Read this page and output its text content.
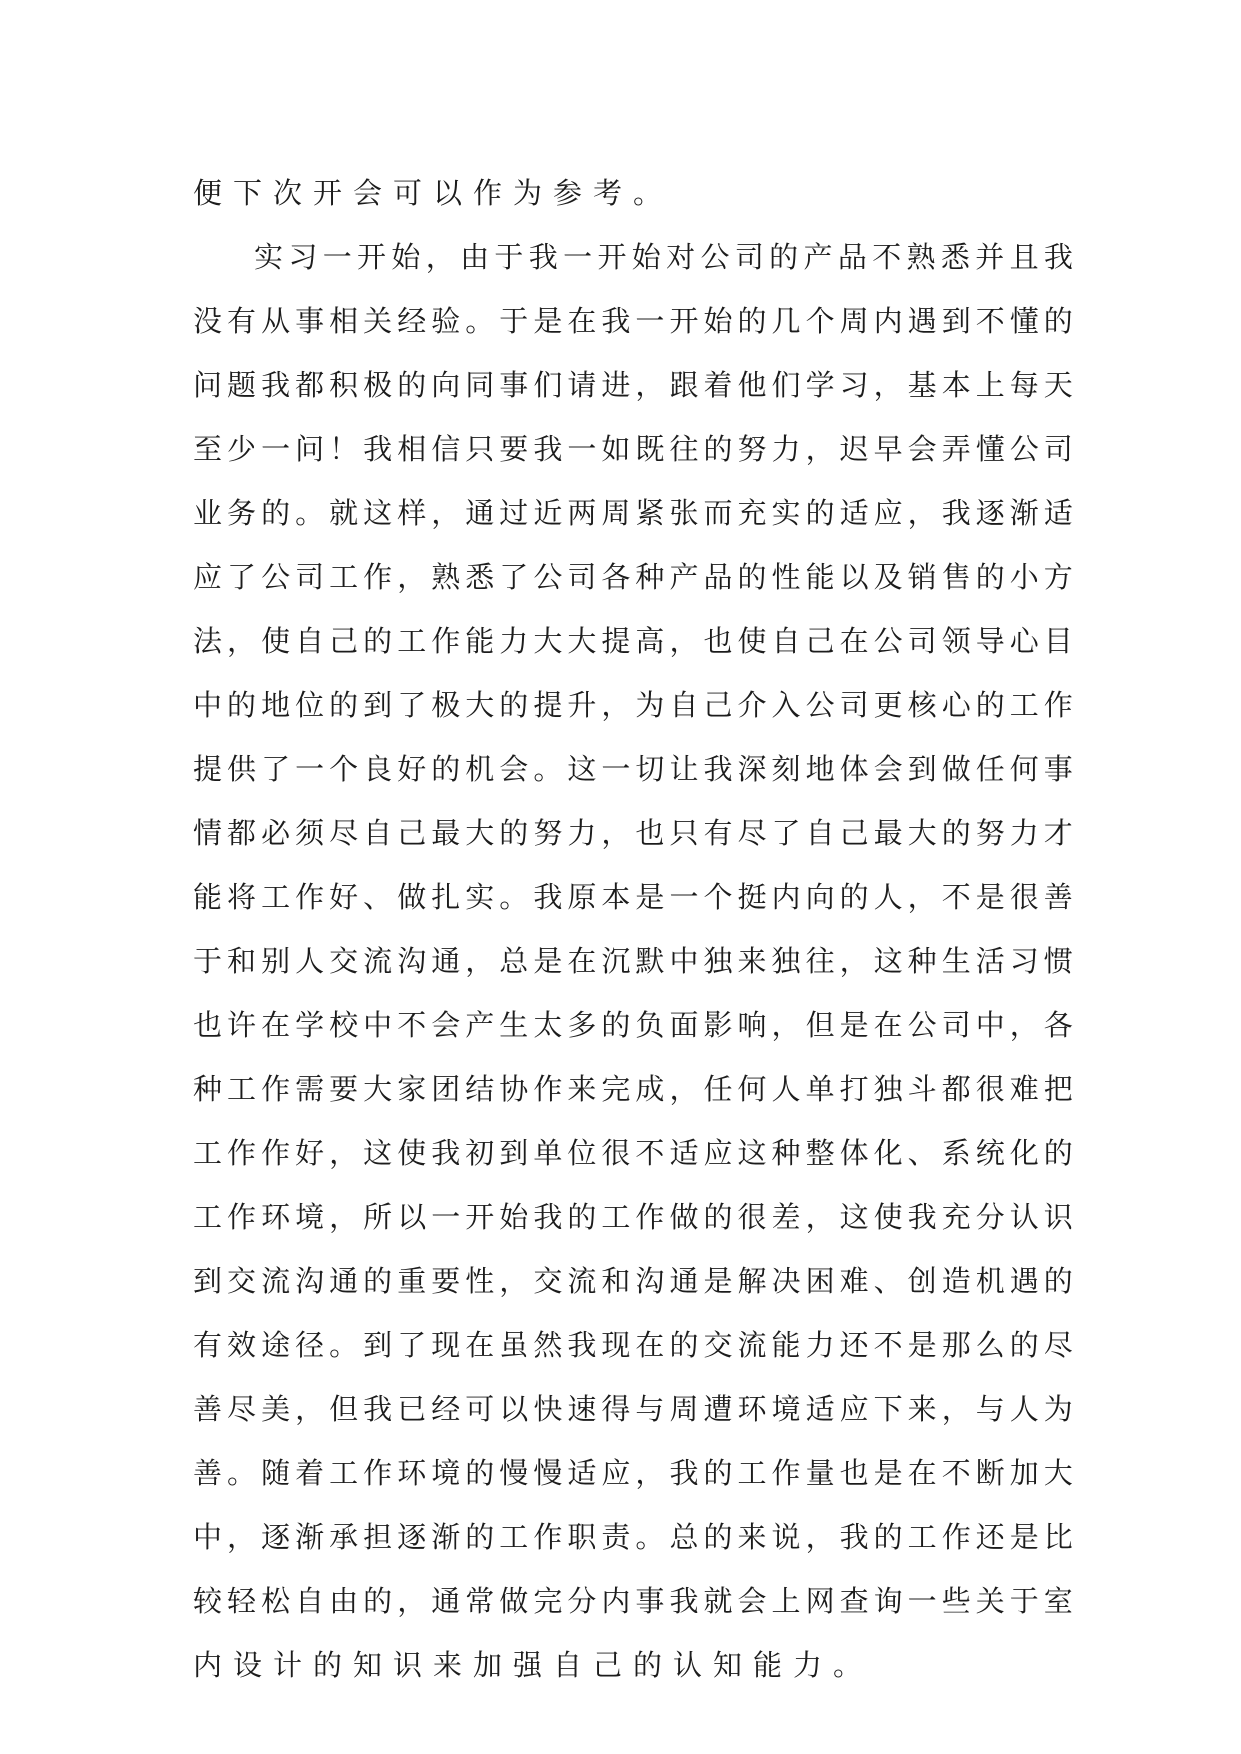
便下次开会可以作为参考。
实 习 一 开 始 ， 由 于 我 一 开 始 对 公 司 的 产 品 不 熟 悉 并 且 我
没 有 从 事 相 关 经 验 。 于 是 在 我 一 开 始 的 几 个 周 内 遇 到 不 懂 的
问 题 我 都 积 极 的 向 同 事 们 请 进 ， 跟 着 他 们 学 习 ， 基 本 上 每 天
至 少 一 问 ！ 我 相 信 只 要 我 一 如 既 往 的 努 力 ， 迟 早 会 弄 懂 公 司
业 务 的 。 就 这 样 ， 通 过 近 两 周 紧 张 而 充 实 的 适 应 ， 我 逐 渐 适
应 了 公 司 工 作 ， 熟 悉 了 公 司 各 种 产 品 的 性 能 以 及 销 售 的 小 方
法 ， 使 自 己 的 工 作 能 力 大 大 提 高 ， 也 使 自 己 在 公 司 领 导 心 目
中 的 地 位 的 到 了 极 大 的 提 升 ， 为 自 己 介 入 公 司 更 核 心 的 工 作
提 供 了 一 个 良 好 的 机 会 。 这 一 切 让 我 深 刻 地 体 会 到 做 任 何 事
情 都 必 须 尽 自 己 最 大 的 努 力 ， 也 只 有 尽 了 自 己 最 大 的 努 力 才
能 将 工 作 好 、 做 扎 实 。 我 原 本 是 一 个 挺 内 向 的 人 ， 不 是 很 善
于 和 别 人 交 流 沟 通 ， 总 是 在 沉 默 中 独 来 独 往 ， 这 种 生 活 习 惯
也 许 在 学 校 中 不 会 产 生 太 多 的 负 面 影 响 ， 但 是 在 公 司 中 ， 各
种 工 作 需 要 大 家 团 结 协 作 来 完 成 ， 任 何 人 单 打 独 斗 都 很 难 把
工 作 作 好 ， 这 使 我 初 到 单 位 很 不 适 应 这 种 整 体 化 、 系 统 化 的
工 作 环 境 ， 所 以 一 开 始 我 的 工 作 做 的 很 差 ， 这 使 我 充 分 认 识
到 交 流 沟 通 的 重 要 性 ， 交 流 和 沟 通 是 解 决 困 难 、 创 造 机 遇 的
有 效 途 径 。 到 了 现 在 虽 然 我 现 在 的 交 流 能 力 还 不 是 那 么 的 尽
善 尽 美 ， 但 我 已 经 可 以 快 速 得 与 周 遭 环 境 适 应 下 来 ， 与 人 为
善 。 随 着 工 作 环 境 的 慢 慢 适 应 ， 我 的 工 作 量 也 是 在 不 断 加 大
中 ， 逐 渐 承 担 逐 渐 的 工 作 职 责 。 总 的 来 说 ， 我 的 工 作 还 是 比
较 轻 松 自 由 的 ， 通 常 做 完 分 内 事 我 就 会 上 网 查 询 一 些 关 于 室
内设计的知识来加强自己的认知能力。
